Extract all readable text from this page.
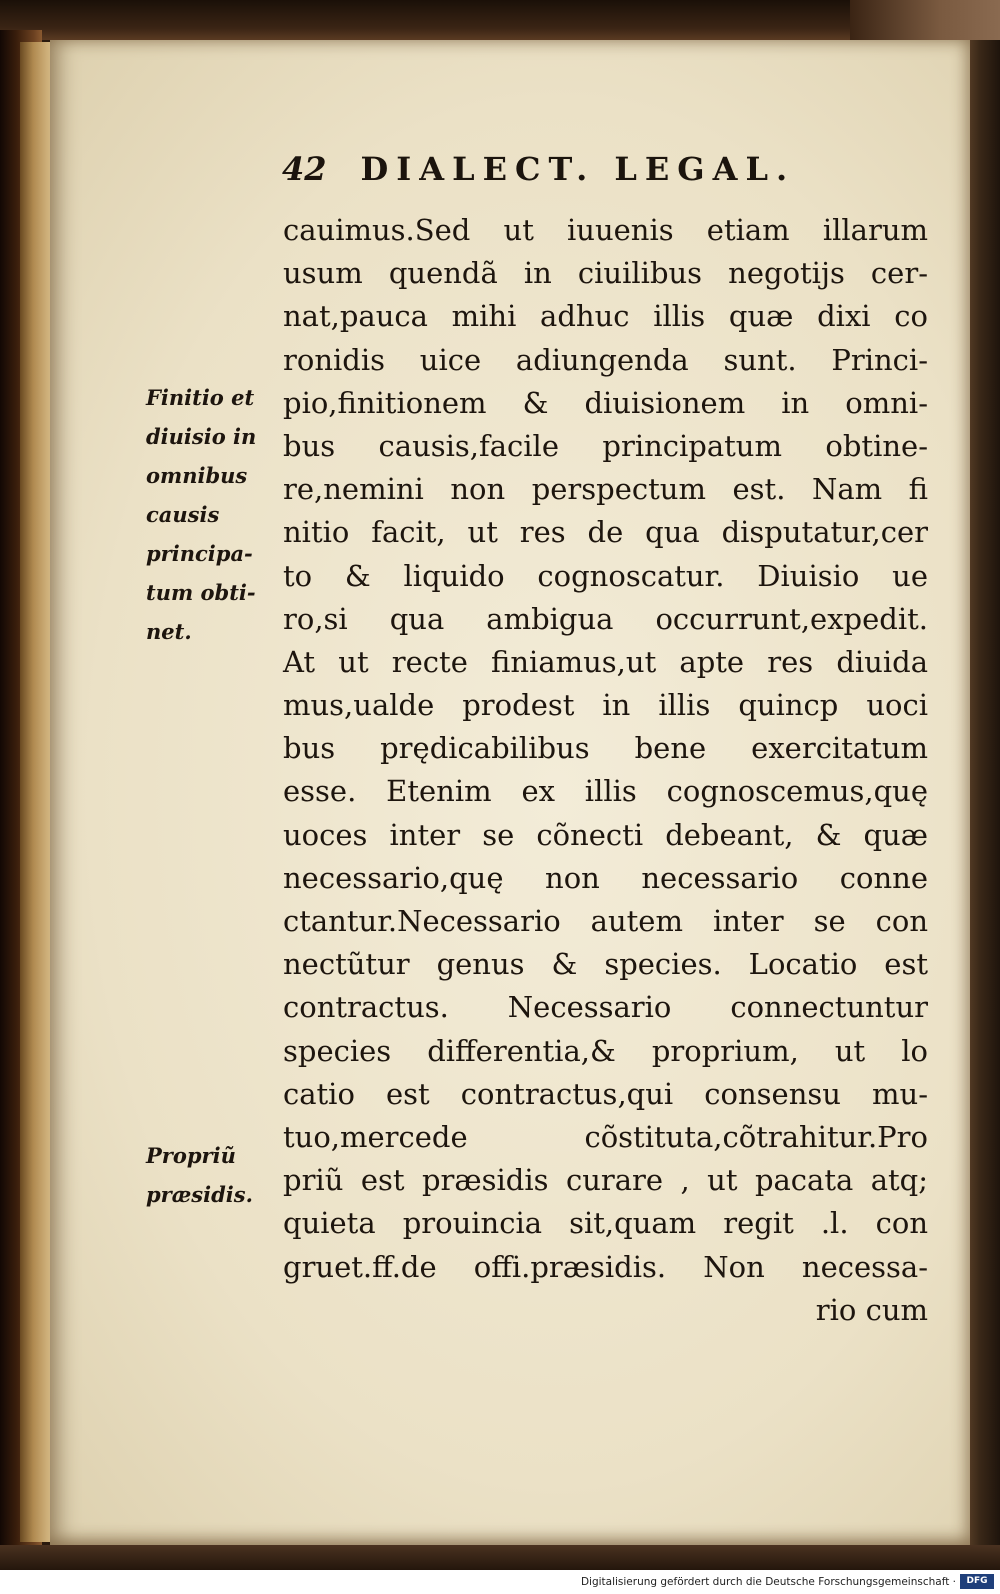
42 DIALECT. LEGAL.
cauimus.Sed ut iuuenis etiam illarum
usum quendã in ciuilibus negotijs cer-
nat,pauca mihi adhuc illis quæ dixi co
ronidis uice adiungenda sunt. Princi-
pio,finitionem & diuisionem in omni-
bus causis,facile principatum obtine-
re,nemini non perspectum est. Nam fi
nitio facit, ut res de qua disputatur,cer
to & liquido cognoscatur. Diuisio ue
ro,si qua ambigua occurrunt,expedit.
At ut recte finiamus,ut apte res diuida
mus,ualde prodest in illis quincp uoci
bus prędicabilibus bene exercitatum
esse. Etenim ex illis cognoscemus,quę
uoces inter se cõnecti debeant, & quæ
necessario,quę non necessario conne
ctantur.Necessario autem inter se con
nectũtur genus & species. Locatio est
contractus. Necessario connectuntur
species differentia,& proprium, ut lo
catio est contractus,qui consensu mu-
tuo,mercede cõstituta,cõtrahitur.Pro
priũ est præsidis curare , ut pacata atq;
quieta prouincia sit,quam regit .l. con
gruet.ff.de offi.præsidis. Non necessa-
rio cum
Finitio et
diuisio in
omnibus
causis
principa-
tum obti-
net.
Propriũ
præsidis.
Digitalisierung gefördert durch die Deutsche Forschungsgemeinschaft ·	DFG
